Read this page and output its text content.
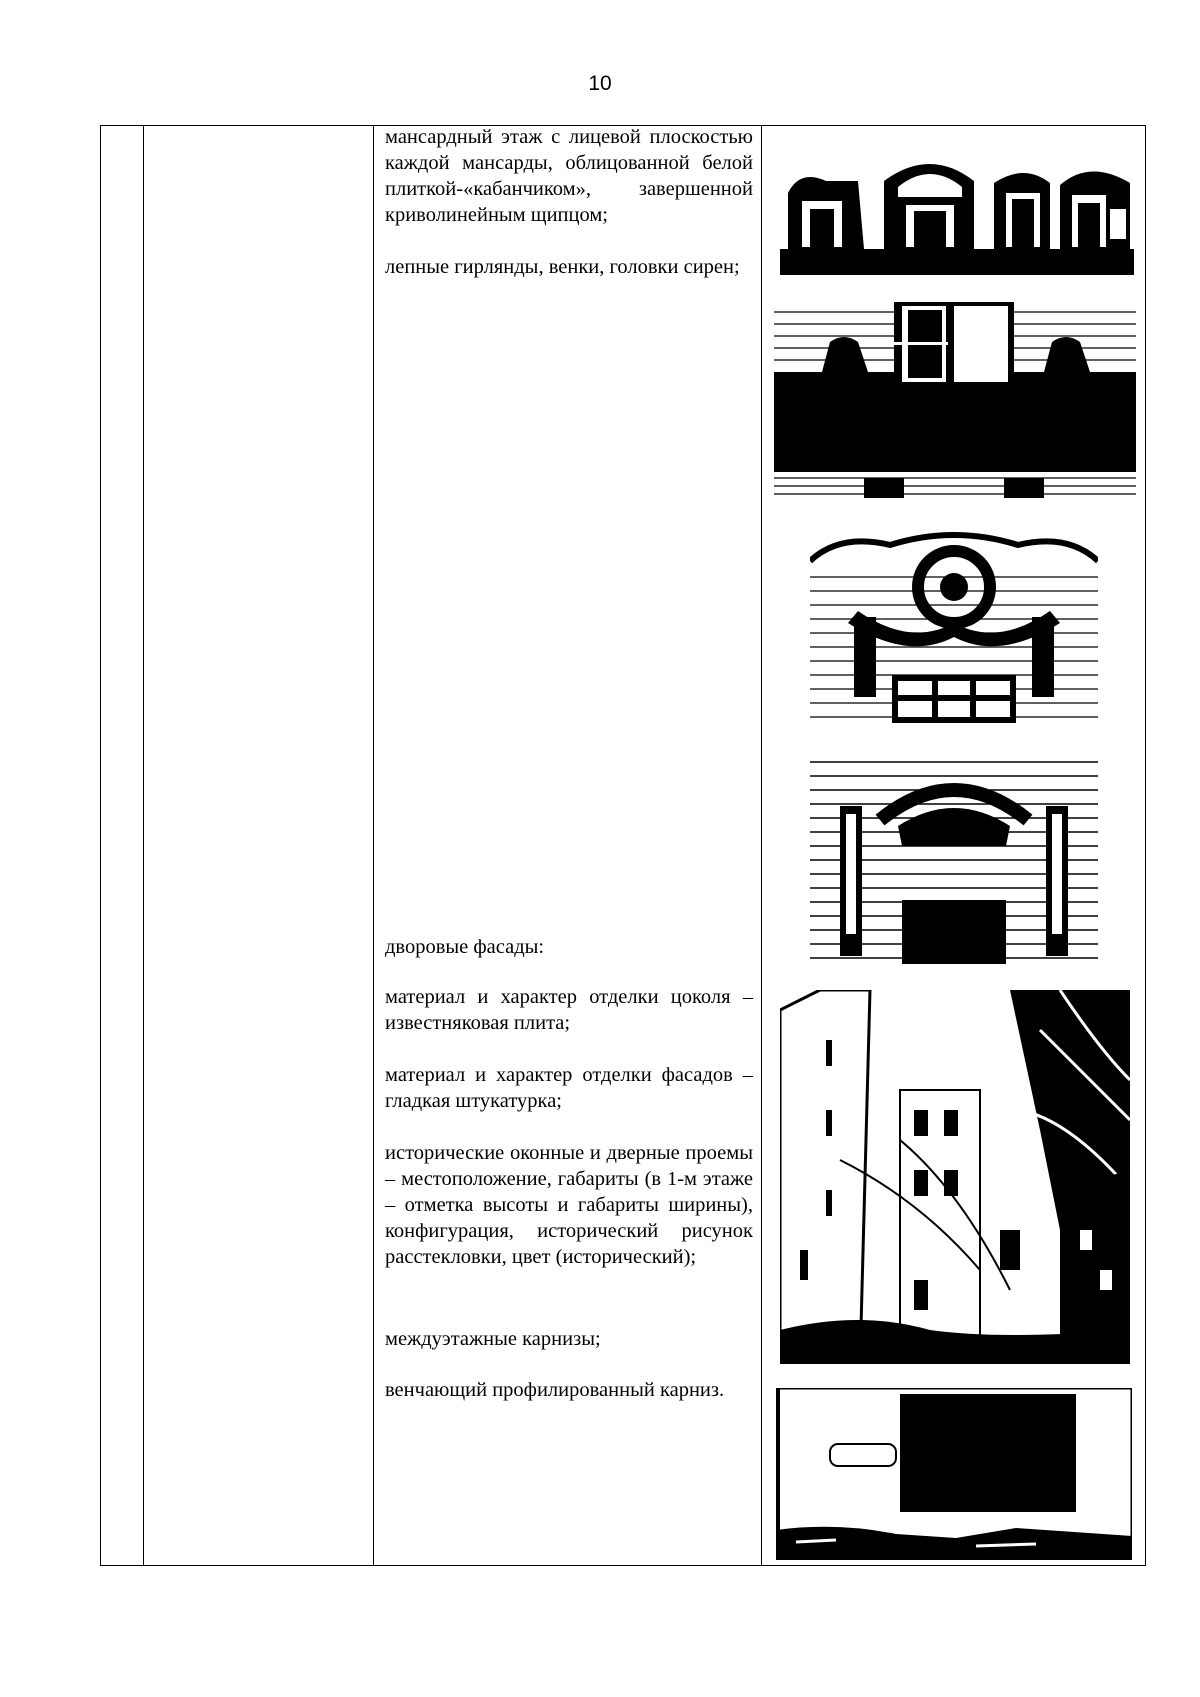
10

мансардный этаж с лицевой плоскостью каждой мансарды, облицованной белой плиткой-«кабанчиком», завершенной криволинейным щипцом;

лепные гирлянды, венки, головки сирен;

дворовые фасады:

материал и характер отделки цоколя – известняковая плита;

материал и характер отделки фасадов – гладкая штукатурка;

исторические оконные и дверные проемы – местоположение, габариты (в 1-м этаже – отметка высоты и габариты ширины), конфигурация, исторический рисунок расстекловки, цвет (исторический);

междуэтажные карнизы;

венчающий профилированный карниз.
